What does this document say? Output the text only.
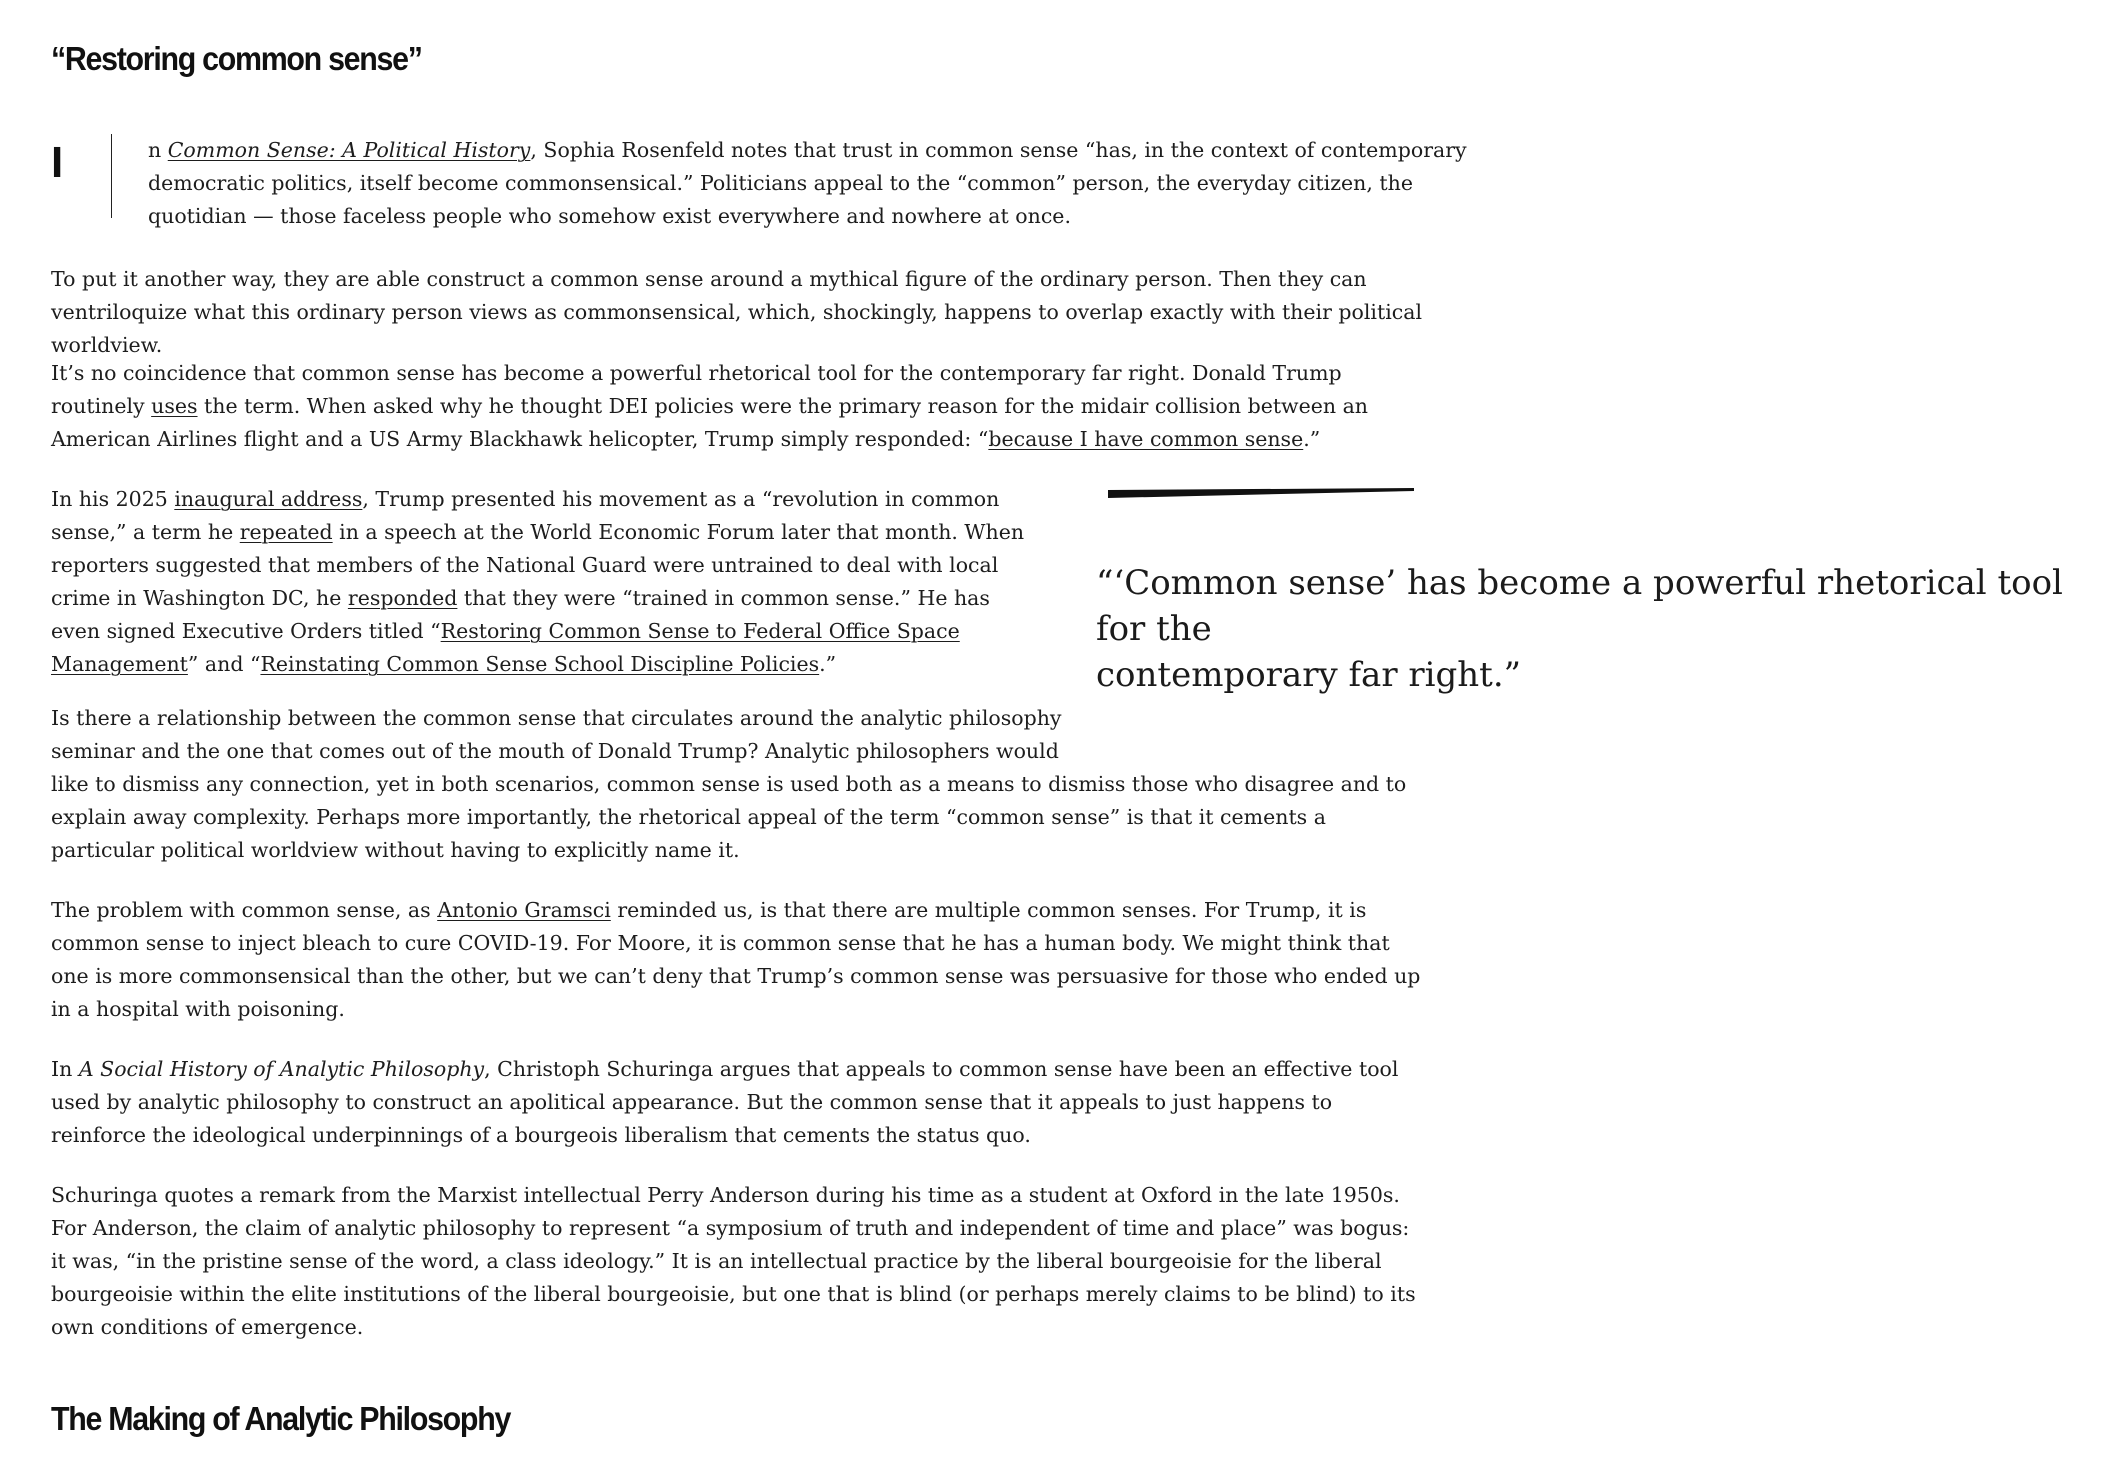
“Restoring common sense”
I	n Common Sense: A Political History, Sophia Rosenfeld notes that trust in common sense “has, in the context of contemporary democratic politics, itself become commonsensical.” Politicians appeal to the “common” person, the everyday citizen, the quotidian — those faceless people who somehow exist everywhere and nowhere at once.

To put it another way, they are able construct a common sense around a mythical figure of the ordinary person. Then they can ventriloquize what this ordinary person views as commonsensical, which, shockingly, happens to overlap exactly with their political worldview.

It’s no coincidence that common sense has become a powerful rhetorical tool for the contemporary far right. Donald Trump routinely uses the term. When asked why he thought DEI policies were the primary reason for the midair collision between an American Airlines flight and a US Army Blackhawk helicopter, Trump simply responded: “because I have common sense.”

In his 2025 inaugural address, Trump presented his movement as a “revolution in common sense,” a term he repeated in a speech at the World Economic Forum later that month. When reporters suggested that members of the National Guard were untrained to deal with local crime in Washington DC, he responded that they were “trained in common sense.” He has even signed Executive Orders titled “Restoring Common Sense to Federal Office Space Management” and “Reinstating Common Sense School Discipline Policies.”

Is there a relationship between the common sense that circulates around the analytic philosophy

seminar and the one that comes out of the mouth of Donald Trump? Analytic philosophers would

like to dismiss any connection, yet in both scenarios, common sense is used both as a means to dismiss those who disagree and to explain away complexity. Perhaps more importantly, the rhetorical appeal of the term “common sense” is that it cements a particular political worldview without having to explicitly name it.

The problem with common sense, as Antonio Gramsci reminded us, is that there are multiple common senses. For Trump, it is common sense to inject bleach to cure COVID-19. For Moore, it is common sense that he has a human body. We might think that one is more commonsensical than the other, but we can’t deny that Trump’s common sense was persuasive for those who ended up in a hospital with poisoning.

In A Social History of Analytic Philosophy, Christoph Schuringa argues that appeals to common sense have been an effective tool used by analytic philosophy to construct an apolitical appearance. But the common sense that it appeals to just happens to reinforce the ideological underpinnings of a bourgeois liberalism that cements the status quo.

Schuringa quotes a remark from the Marxist intellectual Perry Anderson during his time as a student at Oxford in the late 1950s. For Anderson, the claim of analytic philosophy to represent “a symposium of truth and independent of time and place” was bogus: it was, “in the pristine sense of the word, a class ideology.” It is an intellectual practice by the liberal bourgeoisie for the liberal bourgeoisie within the elite institutions of the liberal bourgeoisie, but one that is blind (or perhaps merely claims to be blind) to its own conditions of emergence.

The Making of Analytic Philosophy
“‘Common sense’ has become a powerful rhetorical tool for the
contemporary far right.”
